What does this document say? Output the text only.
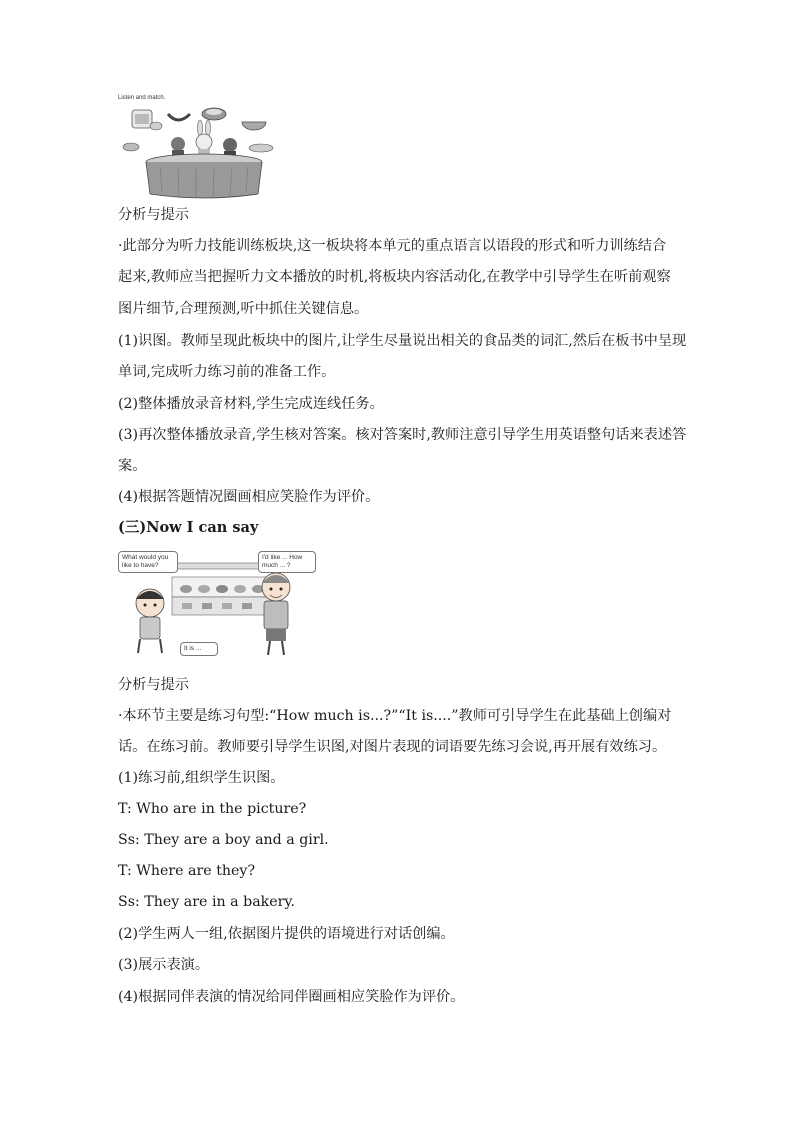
Listen and match.
分析与提示
·此部分为听力技能训练板块,这一板块将本单元的重点语言以语段的形式和听力训练结合
起来,教师应当把握听力文本播放的时机,将板块内容活动化,在教学中引导学生在听前观察
图片细节,合理预测,听中抓住关键信息。
(1)识图。教师呈现此板块中的图片,让学生尽量说出相关的食品类的词汇,然后在板书中呈现
单词,完成听力练习前的准备工作。
(2)整体播放录音材料,学生完成连线任务。
(3)再次整体播放录音,学生核对答案。核对答案时,教师注意引导学生用英语整句话来表述答
案。
(4)根据答题情况圈画相应笑脸作为评价。
(三)Now I can say
What would you like to have?
I'd like ... How much ... ?
It is ...
分析与提示
·本环节主要是练习句型:“How much is...?”“It is....”教师可引导学生在此基础上创编对
话。在练习前。教师要引导学生识图,对图片表现的词语要先练习会说,再开展有效练习。
(1)练习前,组织学生识图。
T: Who are in the picture?
Ss: They are a boy and a girl.
T: Where are they?
Ss: They are in a bakery.
(2)学生两人一组,依据图片提供的语境进行对话创编。
(3)展示表演。
(4)根据同伴表演的情况给同伴圈画相应笑脸作为评价。
